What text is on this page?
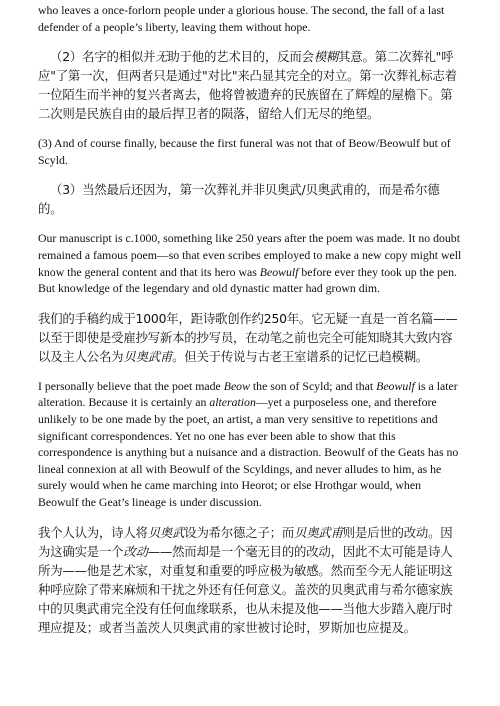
who leaves a once-forlorn people under a glorious house. The second, the fall of a last defender of a people’s liberty, leaving them without hope.

（2）名字的相似并无助于他的艺术目的，反而会模糊其意。第二次葬礼"呼应"了第一次，但两者只是通过"对比"来凸显其完全的对立。第一次葬礼标志着一位陌生而半神的复兴者离去，他将曾被遗弃的民族留在了辉煌的屋檐下。第二次则是民族自由的最后捍卫者的陨落，留给人们无尽的绝望。

(3) And of course finally, because the first funeral was not that of Beow/Beowulf but of Scyld.

（3）当然最后还因为，第一次葬礼并非贝奥武/贝奥武甫的，而是希尔德的。

Our manuscript is c.1000, something like 250 years after the poem was made. It no doubt remained a famous poem—so that even scribes employed to make a new copy might well know the general content and that its hero was Beowulf before ever they took up the pen. But knowledge of the legendary and old dynastic matter had grown dim.

我们的手稿约成于1000年，距诗歌创作约250年。它无疑一直是一首名篇——以至于即使是受雇抄写新本的抄写员，在动笔之前也完全可能知晓其大致内容以及主人公名为贝奥武甫。但关于传说与古老王室谱系的记忆已趋模糊。

I personally believe that the poet made Beow the son of Scyld; and that Beowulf is a later alteration. Because it is certainly an alteration—yet a purposeless one, and therefore unlikely to be one made by the poet, an artist, a man very sensitive to repetitions and significant correspondences. Yet no one has ever been able to show that this correspondence is anything but a nuisance and a distraction. Beowulf of the Geats has no lineal connexion at all with Beowulf of the Scyldings, and never alludes to him, as he surely would when he came marching into Heorot; or else Hrothgar would, when Beowulf the Geat’s lineage is under discussion.

我个人认为，诗人将贝奥武设为希尔德之子；而贝奥武甫则是后世的改动。因为这确实是一个改动——然而却是一个毫无目的的改动，因此不太可能是诗人所为——他是艺术家，对重复和重要的呼应极为敏感。然而至今无人能证明这种呼应除了带来麻烦和干扰之外还有任何意义。盖茨的贝奥武甫与希尔德家族中的贝奥武甫完全没有任何血缘联系，也从未提及他——当他大步踏入鹿厅时理应提及；或者当盖茨人贝奥武甫的家世被讨论时，罗斯加也应提及。
